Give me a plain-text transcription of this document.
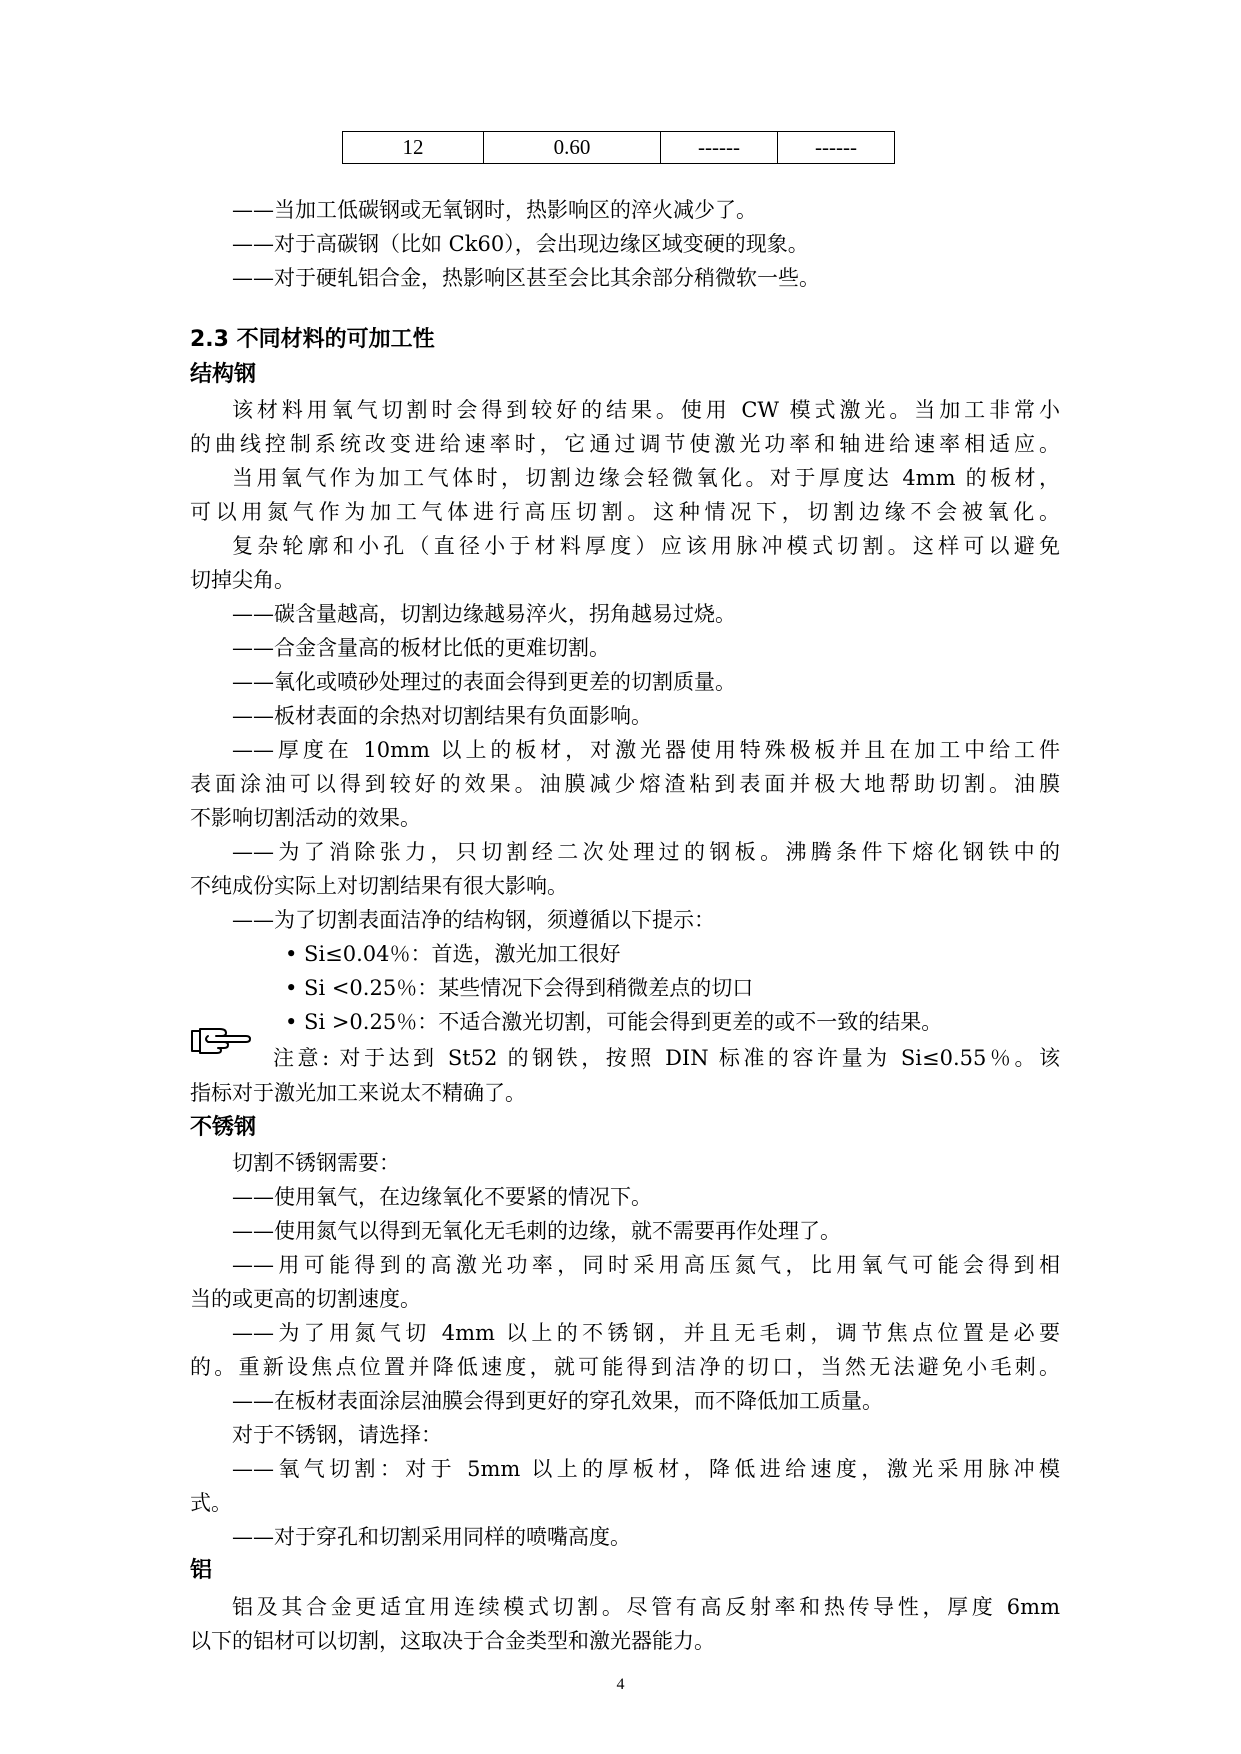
12	0.60	------	------
——当加工低碳钢或无氧钢时，热影响区的淬火减少了。
——对于高碳钢（比如 Ck60），会出现边缘区域变硬的现象。
——对于硬轧铝合金，热影响区甚至会比其余部分稍微软一些。
2.3 不同材料的可加工性
结构钢
该材料用氧气切割时会得到较好的结果。使用 CW 模式激光。当加工非常小
的曲线控制系统改变进给速率时，它通过调节使激光功率和轴进给速率相适应。
当用氧气作为加工气体时，切割边缘会轻微氧化。对于厚度达 4mm 的板材，
可以用氮气作为加工气体进行高压切割。这种情况下，切割边缘不会被氧化。
复杂轮廓和小孔（直径小于材料厚度）应该用脉冲模式切割。这样可以避免
切掉尖角。
——碳含量越高，切割边缘越易淬火，拐角越易过烧。
——合金含量高的板材比低的更难切割。
——氧化或喷砂处理过的表面会得到更差的切割质量。
——板材表面的余热对切割结果有负面影响。
——厚度在 10mm 以上的板材，对激光器使用特殊极板并且在加工中给工件
表面涂油可以得到较好的效果。油膜减少熔渣粘到表面并极大地帮助切割。油膜
不影响切割活动的效果。
——为了消除张力，只切割经二次处理过的钢板。沸腾条件下熔化钢铁中的
不纯成份实际上对切割结果有很大影响。
——为了切割表面洁净的结构钢，须遵循以下提示：
• Si≤0.04％：首选，激光加工很好
• Si <0.25％：某些情况下会得到稍微差点的切口
• Si >0.25％：不适合激光切割，可能会得到更差的或不一致的结果。
注意: 对于达到 St52 的钢铁，按照 DIN 标准的容许量为 Si≤0.55％。该
指标对于激光加工来说太不精确了。
不锈钢
切割不锈钢需要：
——使用氧气，在边缘氧化不要紧的情况下。
——使用氮气以得到无氧化无毛刺的边缘，就不需要再作处理了。
——用可能得到的高激光功率，同时采用高压氮气，比用氧气可能会得到相
当的或更高的切割速度。
——为了用氮气切 4mm 以上的不锈钢，并且无毛刺，调节焦点位置是必要
的。重新设焦点位置并降低速度，就可能得到洁净的切口，当然无法避免小毛刺。
——在板材表面涂层油膜会得到更好的穿孔效果，而不降低加工质量。
对于不锈钢，请选择：
——氧气切割：对于 5mm 以上的厚板材，降低进给速度，激光采用脉冲模
式。
——对于穿孔和切割采用同样的喷嘴高度。
铝
铝及其合金更适宜用连续模式切割。尽管有高反射率和热传导性，厚度 6mm
以下的铝材可以切割，这取决于合金类型和激光器能力。
4
